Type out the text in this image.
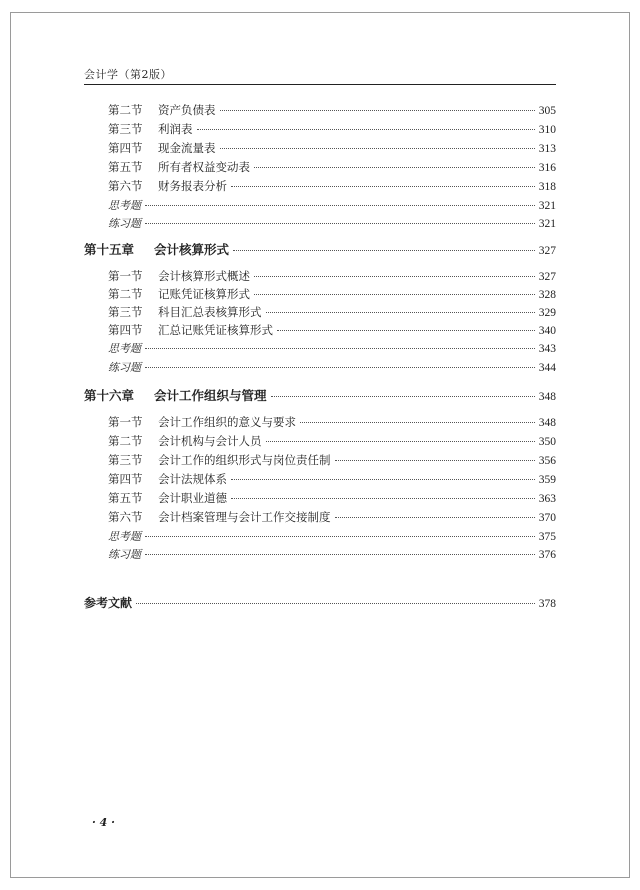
会计学（第2版）
第二节	资产负债表	305
第三节	利润表	310
第四节	现金流量表	313
第五节	所有者权益变动表	316
第六节	财务报表分析	318
思考题	321
练习题	321
第十五章	会计核算形式	327
第一节	会计核算形式概述	327
第二节	记账凭证核算形式	328
第三节	科目汇总表核算形式	329
第四节	汇总记账凭证核算形式	340
思考题	343
练习题	344
第十六章	会计工作组织与管理	348
第一节	会计工作组织的意义与要求	348
第二节	会计机构与会计人员	350
第三节	会计工作的组织形式与岗位责任制	356
第四节	会计法规体系	359
第五节	会计职业道德	363
第六节	会计档案管理与会计工作交接制度	370
思考题	375
练习题	376
参考文献	378
· 4 ·
